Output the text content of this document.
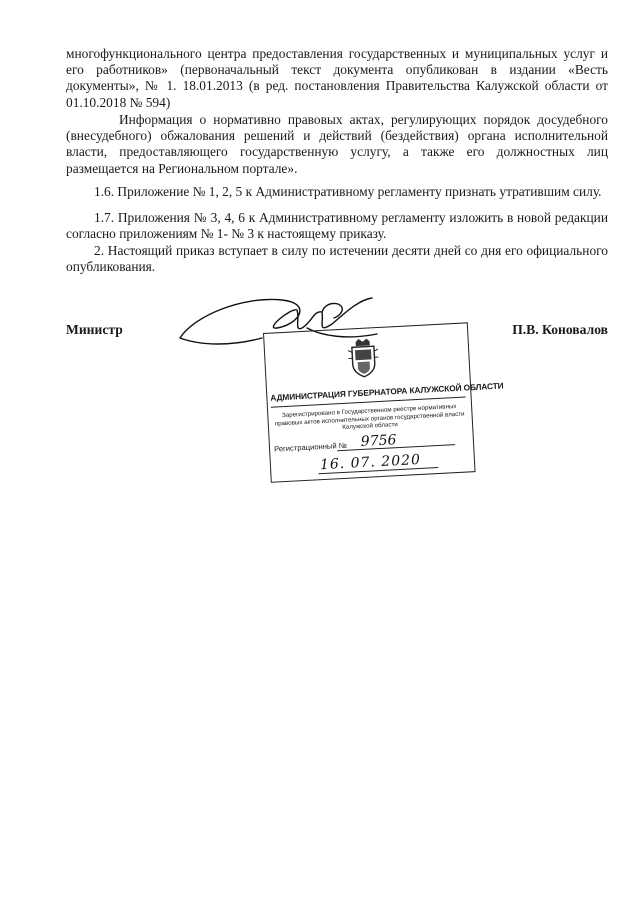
многофункционального центра предоставления государственных и муниципальных услуг и его работников» (первоначальный текст документа опубликован в издании «Весть документы», № 1. 18.01.2013 (в ред. постановления Правительства Калужской области от 01.10.2018 № 594)

Информация о нормативно правовых актах, регулирующих порядок досудебного (внесудебного) обжалования решений и действий (бездействия) органа исполнительной власти, предоставляющего государственную услугу, а также его должностных лиц размещается на Региональном портале».

1.6. Приложение № 1, 2, 5 к Административному регламенту признать утратившим силу.

1.7. Приложения № 3, 4, 6 к Административному регламенту изложить в новой редакции согласно приложениям № 1- № 3 к настоящему приказу.

2. Настоящий приказ вступает в силу по истечении десяти дней со дня его официального опубликования.

Министр	П.В. Коновалов
АДМИНИСТРАЦИЯ ГУБЕРНАТОРА КАЛУЖСКОЙ ОБЛАСТИ
Зарегистрировано в Государственном реестре нормативных правовых актов исполнительных органов государственной власти Калужской области
Регистрационный № 9756
16. 07. 2020
